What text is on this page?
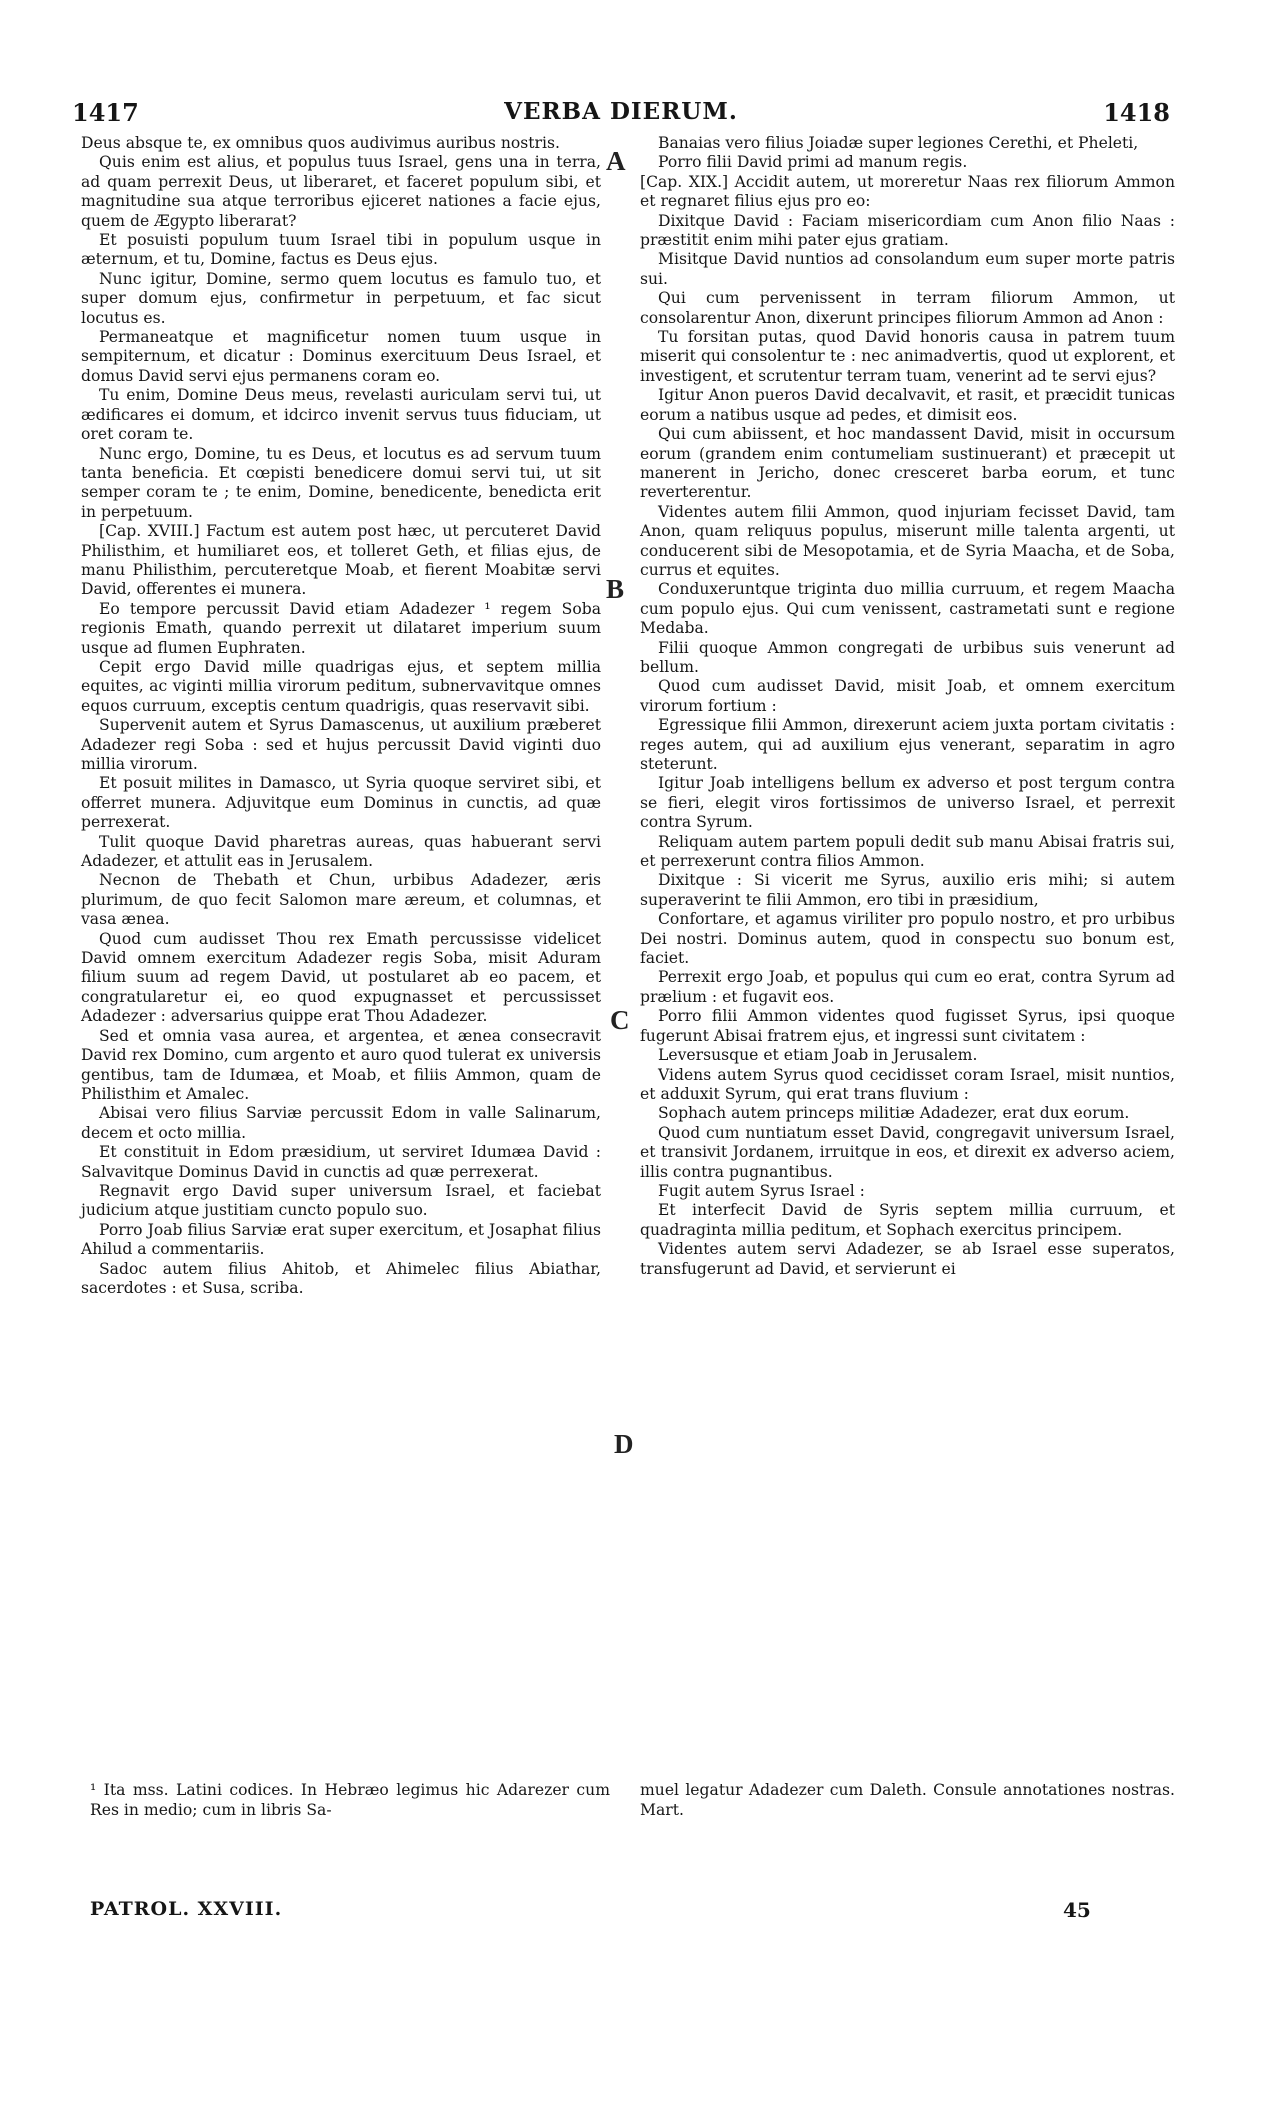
1417	VERBA DIERUM.	1418

Deus absque te, ex omnibus quos audivimus auribus nostris.

Quis enim est alius, et populus tuus Israel, gens una in terra, ad quam perrexit Deus, ut liberaret, et faceret populum sibi, et magnitudine sua atque terroribus ejiceret nationes a facie ejus, quem de Ægypto liberarat?

Et posuisti populum tuum Israel tibi in populum usque in æternum, et tu, Domine, factus es Deus ejus.

Nunc igitur, Domine, sermo quem locutus es famulo tuo, et super domum ejus, confirmetur in perpetuum, et fac sicut locutus es.

Permaneatque et magnificetur nomen tuum usque in sempiternum, et dicatur : Dominus exercituum Deus Israel, et domus David servi ejus permanens coram eo.

Tu enim, Domine Deus meus, revelasti auriculam servi tui, ut ædificares ei domum, et idcirco invenit servus tuus fiduciam, ut oret coram te.

Nunc ergo, Domine, tu es Deus, et locutus es ad servum tuum tanta beneficia. Et cœpisti benedicere domui servi tui, ut sit semper coram te ; te enim, Domine, benedicente, benedicta erit in perpetuum.

[Cap. XVIII.] Factum est autem post hæc, ut percuteret David Philisthim, et humiliaret eos, et tolleret Geth, et filias ejus, de manu Philisthim, percuteretque Moab, et fierent Moabitæ servi David, offerentes ei munera.

Eo tempore percussit David etiam Adadezer ¹ regem Soba regionis Emath, quando perrexit ut dilataret imperium suum usque ad flumen Euphraten.

Cepit ergo David mille quadrigas ejus, et septem millia equites, ac viginti millia virorum peditum, subnervavitque omnes equos curruum, exceptis centum quadrigis, quas reservavit sibi.

Supervenit autem et Syrus Damascenus, ut auxilium præberet Adadezer regi Soba : sed et hujus percussit David viginti duo millia virorum.

Et posuit milites in Damasco, ut Syria quoque serviret sibi, et offerret munera. Adjuvitque eum Dominus in cunctis, ad quæ perrexerat.

Tulit quoque David pharetras aureas, quas habuerant servi Adadezer, et attulit eas in Jerusalem.

Necnon de Thebath et Chun, urbibus Adadezer, æris plurimum, de quo fecit Salomon mare æreum, et columnas, et vasa ænea.

Quod cum audisset Thou rex Emath percussisse videlicet David omnem exercitum Adadezer regis Soba, misit Aduram filium suum ad regem David, ut postularet ab eo pacem, et congratularetur ei, eo quod expugnasset et percussisset Adadezer : adversarius quippe erat Thou Adadezer.

Sed et omnia vasa aurea, et argentea, et ænea consecravit David rex Domino, cum argento et auro quod tulerat ex universis gentibus, tam de Idumæa, et Moab, et filiis Ammon, quam de Philisthim et Amalec.

Abisai vero filius Sarviæ percussit Edom in valle Salinarum, decem et octo millia.

Et constituit in Edom præsidium, ut serviret Idumæa David : Salvavitque Dominus David in cunctis ad quæ perrexerat.

Regnavit ergo David super universum Israel, et faciebat judicium atque justitiam cuncto populo suo.

Porro Joab filius Sarviæ erat super exercitum, et Josaphat filius Ahilud a commentariis.

Sadoc autem filius Ahitob, et Ahimelec filius Abiathar, sacerdotes : et Susa, scriba.

A
B
C
D

Banaias vero filius Joiadæ super legiones Cerethi, et Pheleti,

Porro filii David primi ad manum regis.

[Cap. XIX.] Accidit autem, ut moreretur Naas rex filiorum Ammon et regnaret filius ejus pro eo:

Dixitque David : Faciam misericordiam cum Anon filio Naas : præstitit enim mihi pater ejus gratiam.

Misitque David nuntios ad consolandum eum super morte patris sui.

Qui cum pervenissent in terram filiorum Ammon, ut consolarentur Anon, dixerunt principes filiorum Ammon ad Anon :

Tu forsitan putas, quod David honoris causa in patrem tuum miserit qui consolentur te : nec animadvertis, quod ut explorent, et investigent, et scrutentur terram tuam, venerint ad te servi ejus?

Igitur Anon pueros David decalvavit, et rasit, et præcidit tunicas eorum a natibus usque ad pedes, et dimisit eos.

Qui cum abiissent, et hoc mandassent David, misit in occursum eorum (grandem enim contumeliam sustinuerant) et præcepit ut manerent in Jericho, donec cresceret barba eorum, et tunc reverterentur.

Videntes autem filii Ammon, quod injuriam fecisset David, tam Anon, quam reliquus populus, miserunt mille talenta argenti, ut conducerent sibi de Mesopotamia, et de Syria Maacha, et de Soba, currus et equites.

Conduxeruntque triginta duo millia curruum, et regem Maacha cum populo ejus. Qui cum venissent, castrametati sunt e regione Medaba.

Filii quoque Ammon congregati de urbibus suis venerunt ad bellum.

Quod cum audisset David, misit Joab, et omnem exercitum virorum fortium :

Egressique filii Ammon, direxerunt aciem juxta portam civitatis : reges autem, qui ad auxilium ejus venerant, separatim in agro steterunt.

Igitur Joab intelligens bellum ex adverso et post tergum contra se fieri, elegit viros fortissimos de universo Israel, et perrexit contra Syrum.

Reliquam autem partem populi dedit sub manu Abisai fratris sui, et perrexerunt contra filios Ammon.

Dixitque : Si vicerit me Syrus, auxilio eris mihi; si autem superaverint te filii Ammon, ero tibi in præsidium,

Confortare, et agamus viriliter pro populo nostro, et pro urbibus Dei nostri. Dominus autem, quod in conspectu suo bonum est, faciet.

Perrexit ergo Joab, et populus qui cum eo erat, contra Syrum ad prælium : et fugavit eos.

Porro filii Ammon videntes quod fugisset Syrus, ipsi quoque fugerunt Abisai fratrem ejus, et ingressi sunt civitatem :

Leversusque et etiam Joab in Jerusalem.

Videns autem Syrus quod cecidisset coram Israel, misit nuntios, et adduxit Syrum, qui erat trans fluvium :

Sophach autem princeps militiæ Adadezer, erat dux eorum.

Quod cum nuntiatum esset David, congregavit universum Israel, et transivit Jordanem, irruitque in eos, et direxit ex adverso aciem, illis contra pugnantibus.

Fugit autem Syrus Israel :

Et interfecit David de Syris septem millia curruum, et quadraginta millia peditum, et Sophach exercitus principem.

Videntes autem servi Adadezer, se ab Israel esse superatos, transfugerunt ad David, et servierunt ei

¹ Ita mss. Latini codices. In Hebræo legimus hic Adarezer cum Res in medio; cum in libris Sa-
muel legatur Adadezer cum Daleth. Consule annotationes nostras. Mart.
PATROL. XXVIII.	45
